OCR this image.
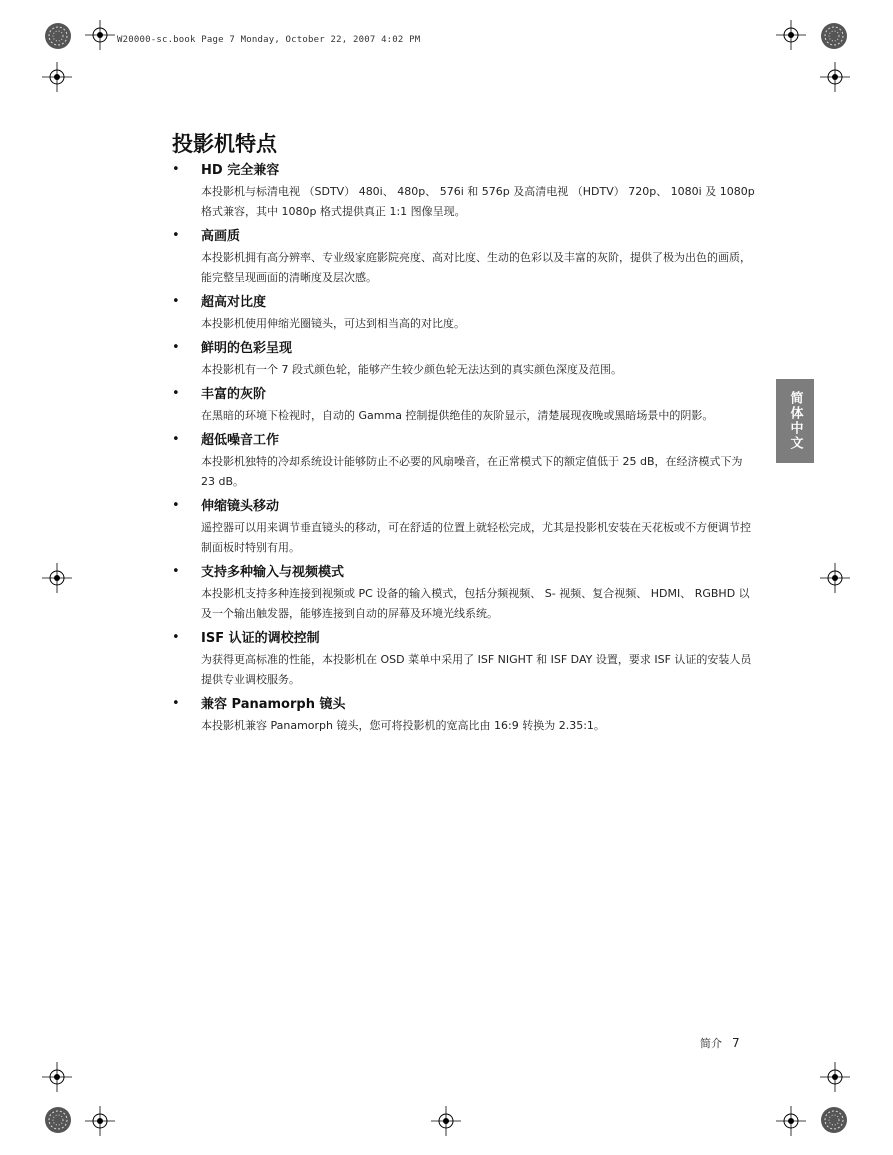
W20000-sc.book Page 7 Monday, October 22, 2007 4:02 PM
投影机特点
• HD 完全兼容
本投影机与标清电视 （SDTV） 480i、 480p、 576i 和 576p 及高清电视 （HDTV） 720p、 1080i 及 1080p 格式兼容，其中 1080p 格式提供真正 1:1 图像呈现。
• 高画质
本投影机拥有高分辨率、专业级家庭影院亮度、高对比度、生动的色彩以及丰富的灰阶，提供了极为出色的画质，能完整呈现画面的清晰度及层次感。
• 超高对比度
本投影机使用伸缩光圈镜头，可达到相当高的对比度。
• 鲜明的色彩呈现
本投影机有一个 7 段式颜色轮，能够产生较少颜色轮无法达到的真实颜色深度及范围。
• 丰富的灰阶
在黑暗的环境下检视时，自动的 Gamma 控制提供绝佳的灰阶显示，清楚展现夜晚或黑暗场景中的阴影。
• 超低噪音工作
本投影机独特的冷却系统设计能够防止不必要的风扇噪音，在正常模式下的额定值低于 25 dB，在经济模式下为 23 dB。
• 伸缩镜头移动
遥控器可以用来调节垂直镜头的移动，可在舒适的位置上就轻松完成，尤其是投影机安装在天花板或不方便调节控制面板时特别有用。
• 支持多种输入与视频模式
本投影机支持多种连接到视频或 PC 设备的输入模式，包括分频视频、 S- 视频、复合视频、 HDMI、 RGBHD 以及一个输出触发器，能够连接到自动的屏幕及环境光线系统。
• ISF 认证的调校控制
为获得更高标准的性能，本投影机在 OSD 菜单中采用了 ISF NIGHT 和 ISF DAY 设置，要求 ISF 认证的安装人员提供专业调校服务。
• 兼容 Panamorph 镜头
本投影机兼容 Panamorph 镜头，您可将投影机的宽高比由 16:9 转换为 2.35:1。
简体中文
简介 7
